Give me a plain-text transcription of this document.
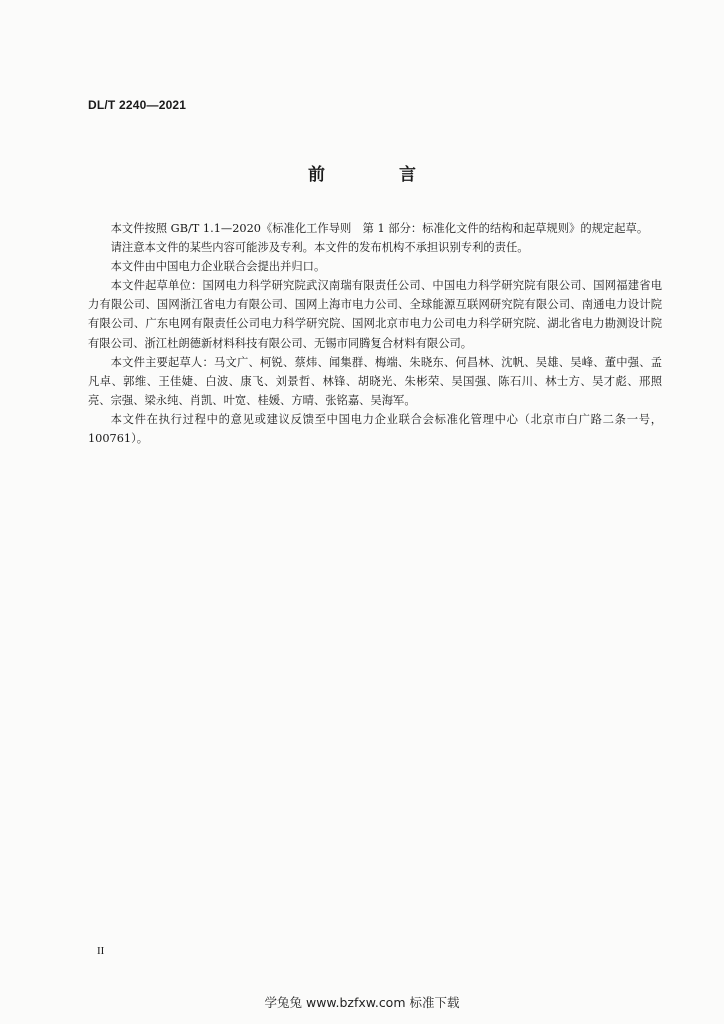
DL/T 2240—2021
前 言

本文件按照 GB/T 1.1—2020《标准化工作导则　第 1 部分：标准化文件的结构和起草规则》的规定起草。

请注意本文件的某些内容可能涉及专利。本文件的发布机构不承担识别专利的责任。

本文件由中国电力企业联合会提出并归口。

本文件起草单位：国网电力科学研究院武汉南瑞有限责任公司、中国电力科学研究院有限公司、国网福建省电力有限公司、国网浙江省电力有限公司、国网上海市电力公司、全球能源互联网研究院有限公司、南通电力设计院有限公司、广东电网有限责任公司电力科学研究院、国网北京市电力公司电力科学研究院、湖北省电力勘测设计院有限公司、浙江杜朗德新材料科技有限公司、无锡市同腾复合材料有限公司。

本文件主要起草人：马文广、柯锐、蔡炜、闻集群、梅端、朱晓东、何昌林、沈帆、吴雄、吴峰、董中强、孟凡卓、郭维、王佳婕、白波、康飞、刘景哲、林锋、胡晓光、朱彬荣、吴国强、陈石川、林士方、吴才彪、邢照亮、宗强、梁永纯、肖凯、叶宽、桂媛、方晴、张铭嘉、吴海军。

本文件在执行过程中的意见或建议反馈至中国电力企业联合会标准化管理中心（北京市白广路二条一号，100761）。

II
学兔兔 www.bzfxw.com 标准下载
